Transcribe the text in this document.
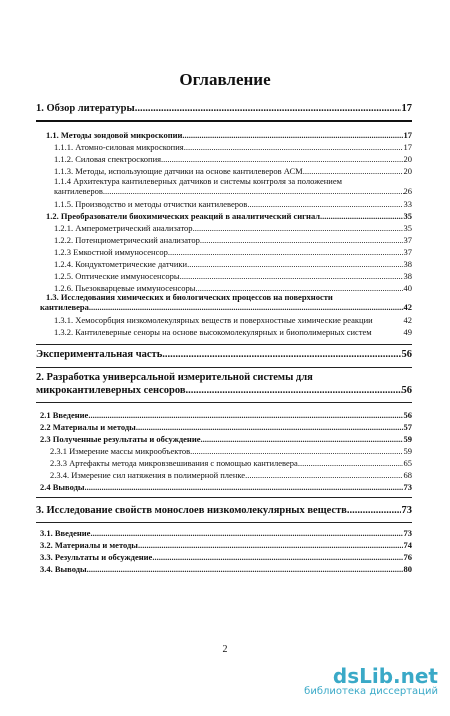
Оглавление
1. Обзор литературы .....	17
1.1. Методы зондовой микроскопии .....	17
1.1.1. Атомно-силовая микроскопия .....	17
1.1.2. Силовая спектроскопия .....	20
1.1.3. Методы, использующие датчики на основе кантилеверов АСМ .....	20
1.1.4 Архитектура кантилеверных датчиков и системы контроля за положением
кантилеверов .....	26
1.1.5. Производство и методы отчистки кантилеверов .....	33
1.2. Преобразователи биохимических реакций в аналитический сигнал .....	35
1.2.1. Амперометрический анализатор .....	35
1.2.2. Потенциометрический анализатор .....	37
1.2.3 Емкостной иммуносенсор .....	37
1.2.4. Кондуктометрические датчики .....	38
1.2.5. Оптические иммуносенсоры .....	38
1.2.6. Пьезокварцевые иммуносенсоры .....	40
1.3. Исследования химических и биологических процессов на поверхности
кантилевера .....	42
1.3.1. Хемосорбция низкомолекулярных веществ и поверхностные химические реакции	42
1.3.2. Кантилеверные сеноры на основе высокомолекулярных и биополимерных систем	49
Экспериментальная часть .....	56
2. Разработка универсальной измерительной системы для
микрокантилеверных сенсоров .....	56
2.1 Введение .....	56
2.2 Материалы и методы .....	57
2.3 Полученные результаты и обсуждение .....	59
2.3.1 Измерение массы микрообъектов .....	59
2.3.3 Артефакты метода микровзвешивания с помощью кантилевера .....	65
2.3.4. Измерение сил натяжения в полимерной пленке .....	68
2.4 Выводы .....	73
3. Исследование свойств монослоев низкомолекулярных веществ .....	73
3.1. Введение .....	73
3.2. Материалы и методы .....	74
3.3. Результаты и обсуждение .....	76
3.4. Выводы .....	80
2
dsLib.net
библиотека диссертаций
